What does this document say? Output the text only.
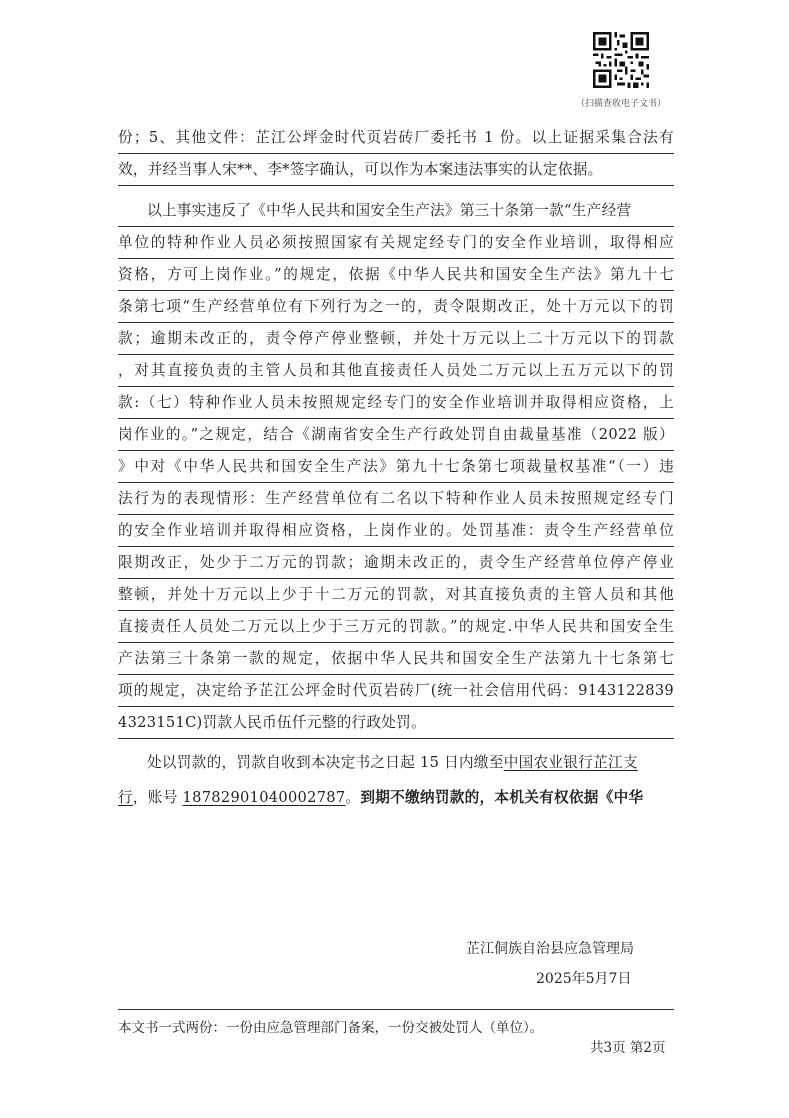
（扫描查收电子文书）
份；5、其他文件：芷江公坪金时代页岩砖厂委托书 1 份。以上证据采集合法有
效，并经当事人宋**、李*签字确认，可以作为本案违法事实的认定依据。
以上事实违反了《中华人民共和国安全生产法》第三十条第一款“生产经营
单位的特种作业人员必须按照国家有关规定经专门的安全作业培训，取得相应
资格，方可上岗作业。”的规定，依据《中华人民共和国安全生产法》第九十七
条第七项“生产经营单位有下列行为之一的，责令限期改正，处十万元以下的罚
款；逾期未改正的，责令停产停业整顿，并处十万元以上二十万元以下的罚款
，对其直接负责的主管人员和其他直接责任人员处二万元以上五万元以下的罚
款:（七）特种作业人员未按照规定经专门的安全作业培训并取得相应资格，上
岗作业的。”之规定，结合《湖南省安全生产行政处罚自由裁量基准（2022 版）
》中对《中华人民共和国安全生产法》第九十七条第七项裁量权基准“（一）违
法行为的表现情形：生产经营单位有二名以下特种作业人员未按照规定经专门
的安全作业培训并取得相应资格，上岗作业的。处罚基准：责令生产经营单位
限期改正，处少于二万元的罚款；逾期未改正的，责令生产经营单位停产停业
整顿，并处十万元以上少于十二万元的罚款，对其直接负责的主管人员和其他
直接责任人员处二万元以上少于三万元的罚款。”的规定.中华人民共和国安全生
产法第三十条第一款的规定，依据中华人民共和国安全生产法第九十七条第七
项的规定，决定给予芷江公坪金时代页岩砖厂(统一社会信用代码：9143122839
4323151C)罚款人民币伍仟元整的行政处罚。
处以罚款的，罚款自收到本决定书之日起 15 日内缴至中国农业银行芷江支
行，账号 18782901040002787。到期不缴纳罚款的，本机关有权依据《中华
芷江侗族自治县应急管理局
2025年5月7日
本文书一式两份：一份由应急管理部门备案，一份交被处罚人（单位）。
共3页 第2页
